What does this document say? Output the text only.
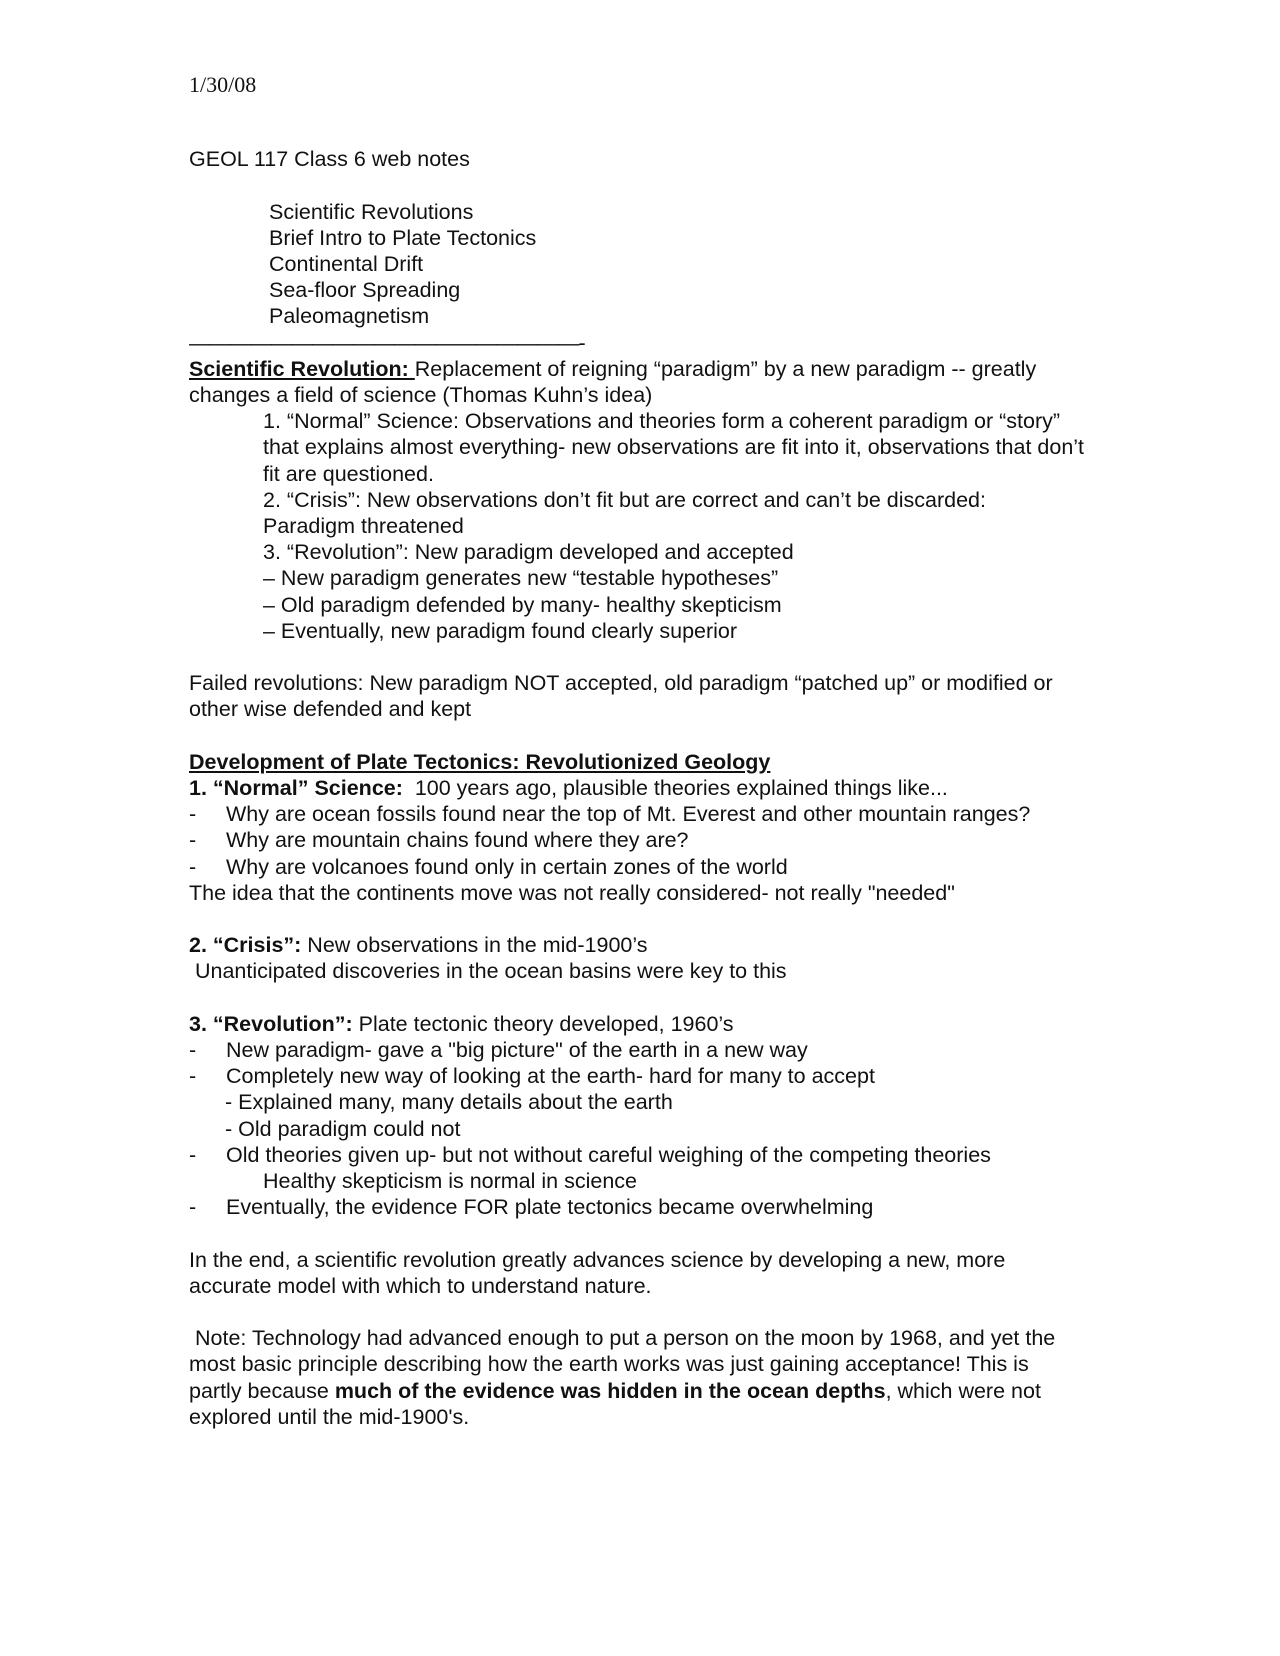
1/30/08
GEOL 117 Class 6 web notes
Scientific Revolutions
Brief Intro to Plate Tectonics
Continental Drift
Sea-floor Spreading
Paleomagnetism
———————————————————-
Scientific Revolution: Replacement of reigning “paradigm” by a new paradigm -- greatly changes a field of science (Thomas Kuhn’s idea)
1. “Normal” Science: Observations and theories form a coherent paradigm or “story” that explains almost everything- new observations are fit into it, observations that don’t fit are questioned.
2. “Crisis”: New observations don’t fit but are correct and can’t be discarded: Paradigm threatened
3. “Revolution”: New paradigm developed and accepted
– New paradigm generates new “testable hypotheses”
– Old paradigm defended by many- healthy skepticism
– Eventually, new paradigm found clearly superior
Failed revolutions: New paradigm NOT accepted, old paradigm “patched up” or modified or other wise defended and kept
Development of Plate Tectonics: Revolutionized Geology
1. “Normal” Science:  100 years ago, plausible theories explained things like...
-	Why are ocean fossils found near the top of Mt. Everest and other mountain ranges?
-	Why are mountain chains found where they are?
-	Why are volcanoes found only in certain zones of the world
The idea that the continents move was not really considered- not really "needed"
2. “Crisis”: New observations in the mid-1900’s
Unanticipated discoveries in the ocean basins were key to this
3. “Revolution”: Plate tectonic theory developed, 1960’s
-	New paradigm- gave a "big picture" of the earth in a new way
-	Completely new way of looking at the earth- hard for many to accept
- Explained many, many details about the earth
- Old paradigm could not
-	Old theories given up- but not without careful weighing of the competing theories
Healthy skepticism is normal in science
-	Eventually, the evidence FOR plate tectonics became overwhelming
In the end, a scientific revolution greatly advances science by developing a new, more accurate model with which to understand nature.
Note: Technology had advanced enough to put a person on the moon by 1968, and yet the most basic principle describing how the earth works was just gaining acceptance! This is partly because much of the evidence was hidden in the ocean depths, which were not explored until the mid-1900's.
